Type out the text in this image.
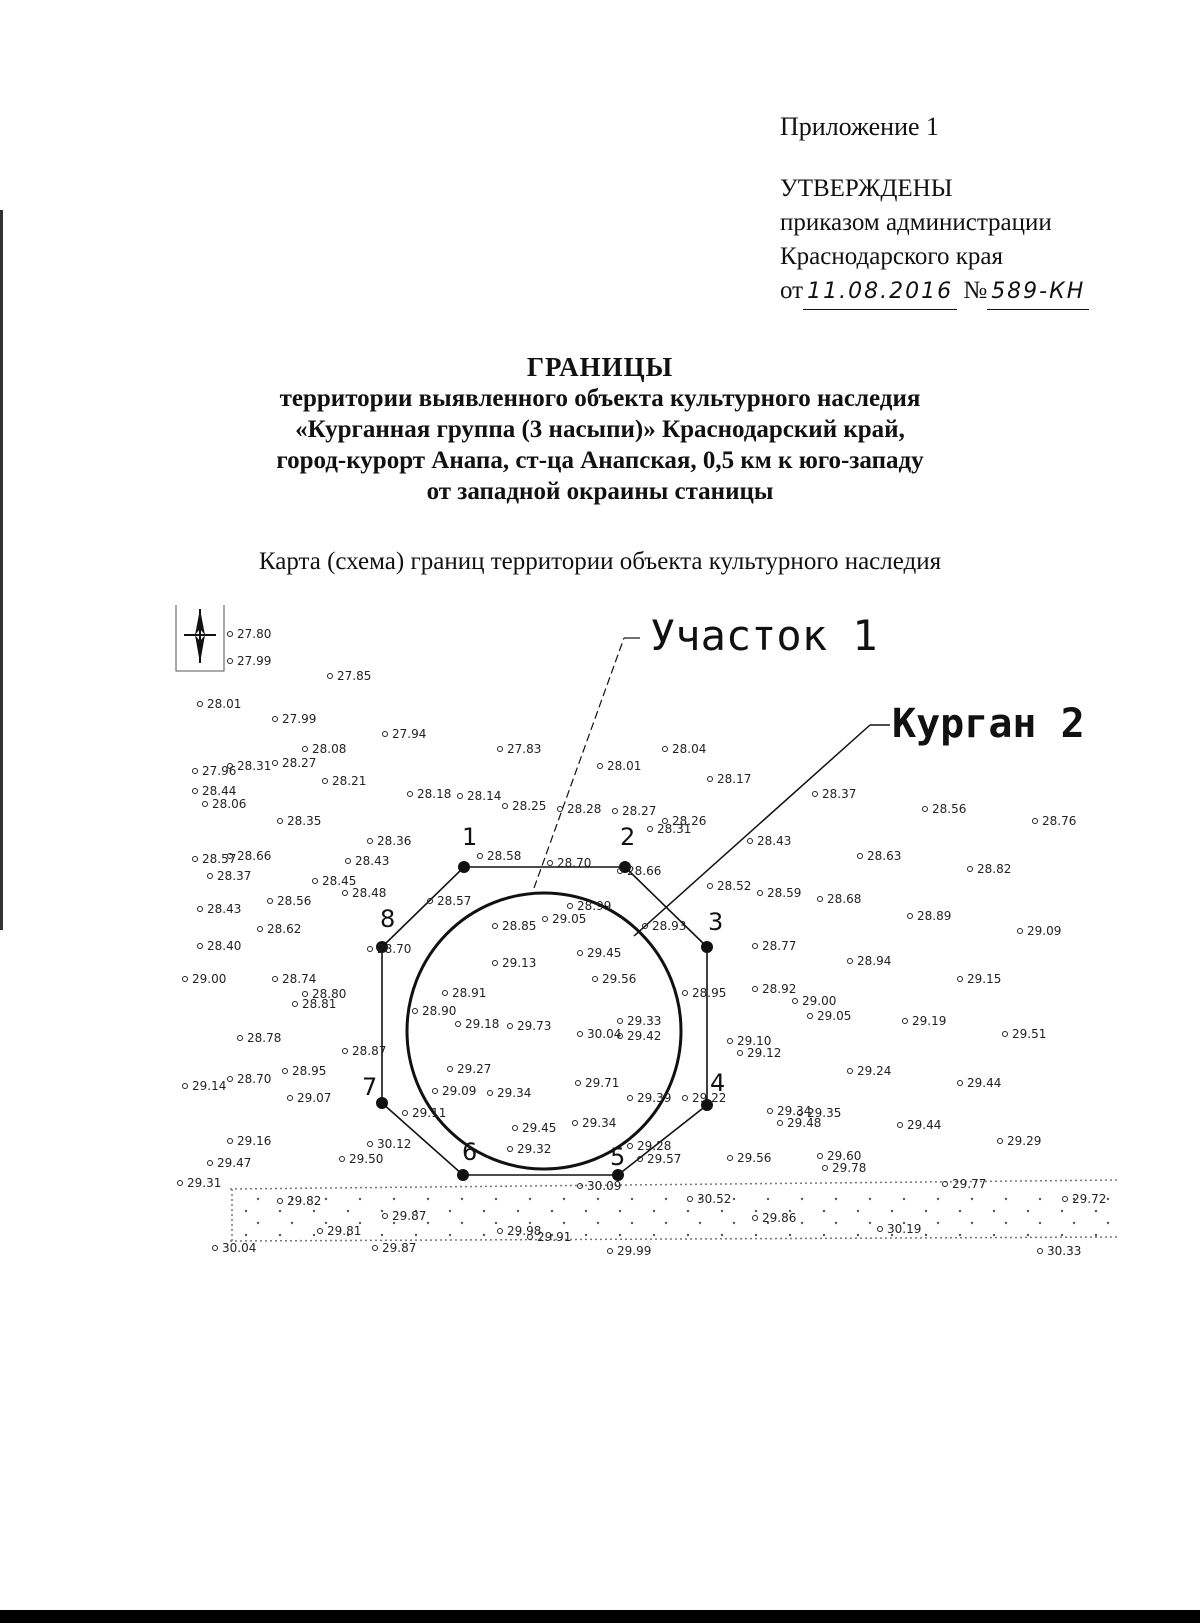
Приложение 1
УТВЕРЖДЕНЫ
приказом администрации
Краснодарского края
от 11.08.2016 № 589-КН
ГРАНИЦЫ
территории выявленного объекта культурного наследия
«Курганная группа (3 насыпи)» Краснодарский край,
город-курорт Анапа, ст-ца Анапская, 0,5 км к юго-западу
от западной окраины станицы
Карта (схема) границ территории объекта культурного наследия
Участок 1
Курган 2
1	2
3
4
5
6
7
8
27.80
27.99
27.85
28.01
27.99
27.94
28.08	27.83	28.04
28.27
27.96 28.31
28.21
28.18
28.01
28.17
28.37
28.44
28.06
28.14
28.25 28.28 28.27
28.26
28.31
28.56
28.76
28.35
28.36	28.43
28.63
28.57 28.66	28.43	28.58	28.70
28.66	28.82
28.37	28.45
28.48	28.52 28.59 28.68
28.56	28.57	28.99
28.89
29.09
28.43
29.05	28.93
28.62	28.85
28.40	28.70	29.45	28.77
28.94
29.13
29.56
28.92
29.15
29.00	28.74
28.91	28.95
28.80
28.81	29.00
29.05	29.19
28.90
29.33
29.18 29.73
30.04 29.42	29.51
28.78
28.87
29.10
29.12
28.95	29.27	29.24
28.70	29.71	29.44
29.14
29.07	29.09 29.34	29.39 29.22
29.35
29.11	29.34
29.45 29.34	29.48	29.44
29.16	30.12	29.29
29.32	29.28
29.50	29.56	29.60
29.47	29.57
29.78
29.31	30.09	29.77
29.82	30.52	29.72
29.87	29.86
29.81	29.98	30.19
29.91
30.04	29.87	29.99	30.33
